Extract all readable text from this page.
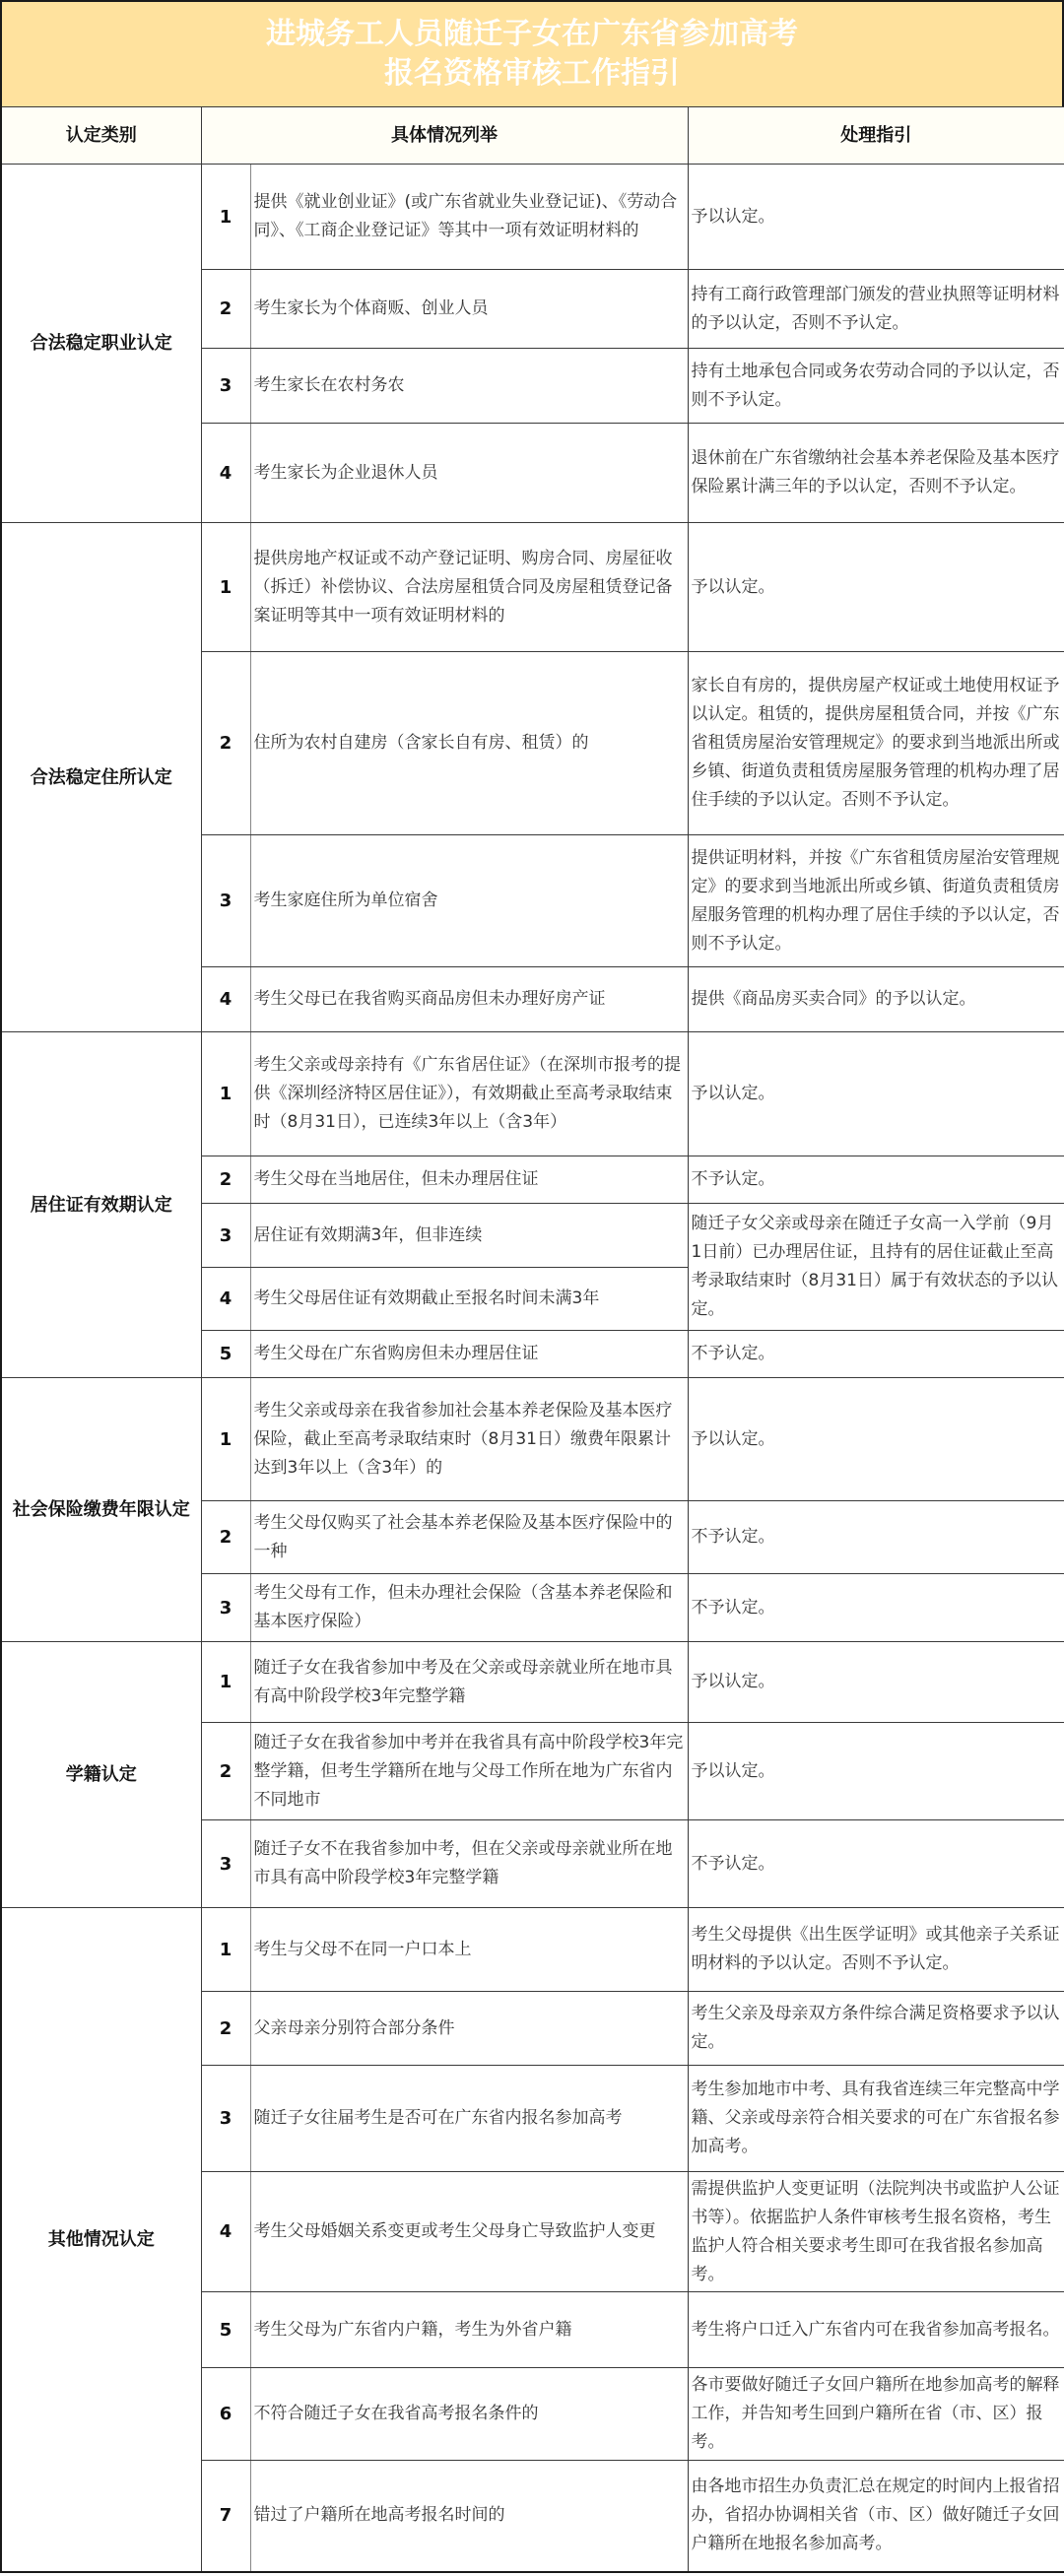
进城务工人员随迁子女在广东省参加高考
报名资格审核工作指引
认定类别	具体情况列举		处理指引
合法稳定职业认定	1	提供《就业创业证》(或广东省就业失业登记证)、《劳动合同》、《工商企业登记证》等其中一项有效证明材料的	予以认定。
	2	考生家长为个体商贩、创业人员	持有工商行政管理部门颁发的营业执照等证明材料的予以认定，否则不予认定。
	3	考生家长在农村务农	持有土地承包合同或务农劳动合同的予以认定，否则不予认定。
	4	考生家长为企业退休人员	退休前在广东省缴纳社会基本养老保险及基本医疗保险累计满三年的予以认定，否则不予认定。
合法稳定住所认定	1	提供房地产权证或不动产登记证明、购房合同、房屋征收（拆迁）补偿协议、合法房屋租赁合同及房屋租赁登记备案证明等其中一项有效证明材料的	予以认定。
	2	住所为农村自建房（含家长自有房、租赁）的	家长自有房的，提供房屋产权证或土地使用权证予以认定。租赁的，提供房屋租赁合同，并按《广东省租赁房屋治安管理规定》的要求到当地派出所或乡镇、街道负责租赁房屋服务管理的机构办理了居住手续的予以认定。否则不予认定。
	3	考生家庭住所为单位宿舍	提供证明材料，并按《广东省租赁房屋治安管理规定》的要求到当地派出所或乡镇、街道负责租赁房屋服务管理的机构办理了居住手续的予以认定，否则不予认定。
	4	考生父母已在我省购买商品房但未办理好房产证	提供《商品房买卖合同》的予以认定。
居住证有效期认定	1	考生父亲或母亲持有《广东省居住证》（在深圳市报考的提供《深圳经济特区居住证》），有效期截止至高考录取结束时（8月31日），已连续3年以上（含3年）	予以认定。
	2	考生父母在当地居住，但未办理居住证	不予认定。
	3	居住证有效期满3年，但非连续	随迁子女父亲或母亲在随迁子女高一入学前（9月1日前）已办理居住证，且持有的居住证截止至高考录取结束时（8月31日）属于有效状态的予以认定。
	4	考生父母居住证有效期截止至报名时间未满3年	
	5	考生父母在广东省购房但未办理居住证	不予认定。
社会保险缴费年限认定	1	考生父亲或母亲在我省参加社会基本养老保险及基本医疗保险，截止至高考录取结束时（8月31日）缴费年限累计达到3年以上（含3年）的	予以认定。
	2	考生父母仅购买了社会基本养老保险及基本医疗保险中的一种	不予认定。
	3	考生父母有工作，但未办理社会保险（含基本养老保险和基本医疗保险）	不予认定。
学籍认定	1	随迁子女在我省参加中考及在父亲或母亲就业所在地市具有高中阶段学校3年完整学籍	予以认定。
	2	随迁子女在我省参加中考并在我省具有高中阶段学校3年完整学籍，但考生学籍所在地与父母工作所在地为广东省内不同地市	予以认定。
	3	随迁子女不在我省参加中考，但在父亲或母亲就业所在地市具有高中阶段学校3年完整学籍	不予认定。
其他情况认定	1	考生与父母不在同一户口本上	考生父母提供《出生医学证明》或其他亲子关系证明材料的予以认定。否则不予认定。
	2	父亲母亲分别符合部分条件	考生父亲及母亲双方条件综合满足资格要求予以认定。
	3	随迁子女往届考生是否可在广东省内报名参加高考	考生参加地市中考、具有我省连续三年完整高中学籍、父亲或母亲符合相关要求的可在广东省报名参加高考。
	4	考生父母婚姻关系变更或考生父母身亡导致监护人变更	需提供监护人变更证明（法院判决书或监护人公证书等）。依据监护人条件审核考生报名资格，考生监护人符合相关要求考生即可在我省报名参加高考。
	5	考生父母为广东省内户籍，考生为外省户籍	考生将户口迁入广东省内可在我省参加高考报名。
	6	不符合随迁子女在我省高考报名条件的	各市要做好随迁子女回户籍所在地参加高考的解释工作，并告知考生回到户籍所在省（市、区）报考。
	7	错过了户籍所在地高考报名时间的	由各地市招生办负责汇总在规定的时间内上报省招办，省招办协调相关省（市、区）做好随迁子女回户籍所在地报名参加高考。
